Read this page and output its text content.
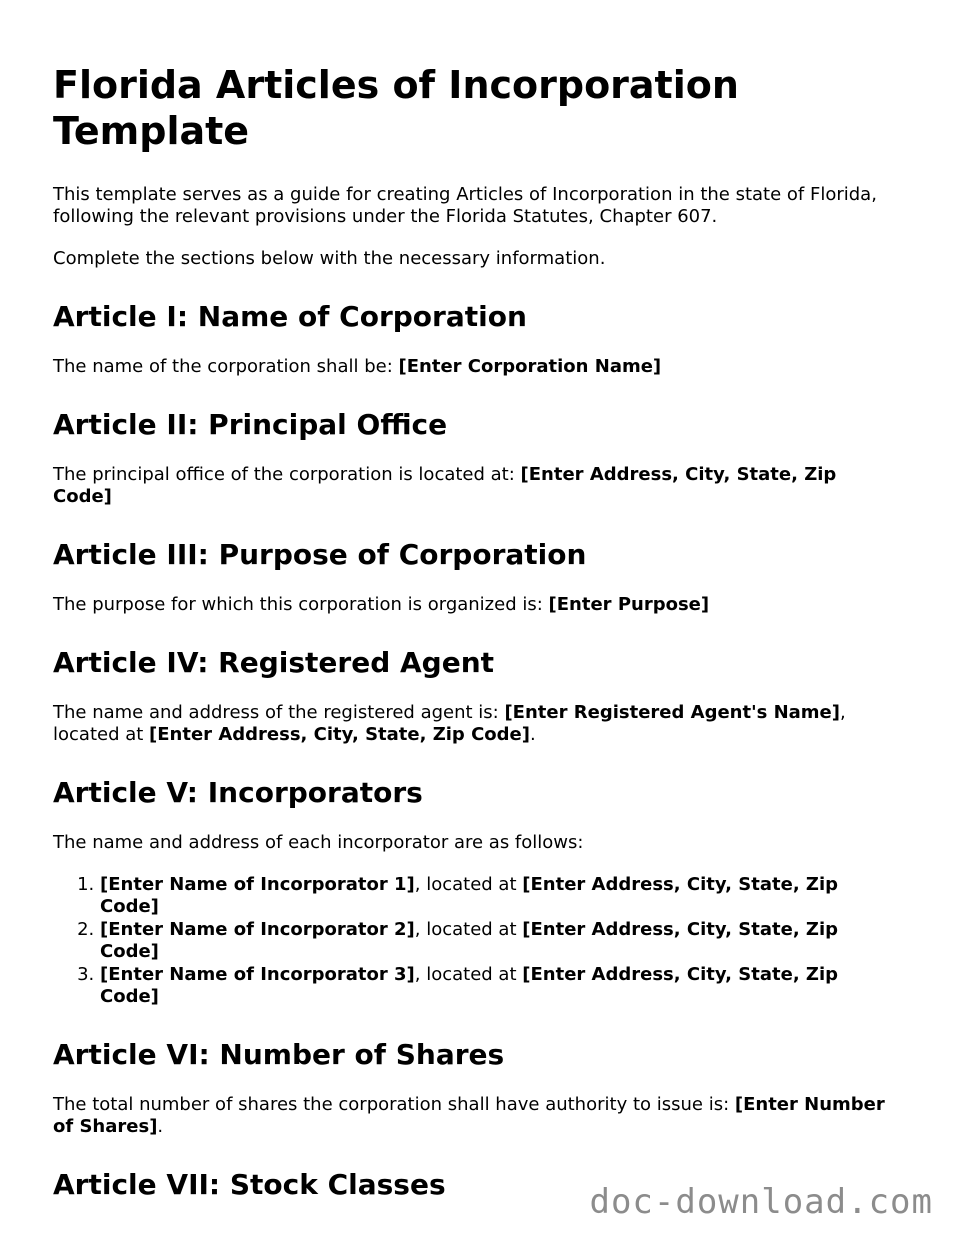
Florida Articles of Incorporation Template

This template serves as a guide for creating Articles of Incorporation in the state of Florida, following the relevant provisions under the Florida Statutes, Chapter 607.

Complete the sections below with the necessary information.

Article I: Name of Corporation

The name of the corporation shall be: [Enter Corporation Name]

Article II: Principal Office

The principal office of the corporation is located at: [Enter Address, City, State, Zip Code]

Article III: Purpose of Corporation

The purpose for which this corporation is organized is: [Enter Purpose]

Article IV: Registered Agent

The name and address of the registered agent is: [Enter Registered Agent's Name], located at [Enter Address, City, State, Zip Code].

Article V: Incorporators

The name and address of each incorporator are as follows:

1. [Enter Name of Incorporator 1], located at [Enter Address, City, State, Zip Code]
2. [Enter Name of Incorporator 2], located at [Enter Address, City, State, Zip Code]
3. [Enter Name of Incorporator 3], located at [Enter Address, City, State, Zip Code]
Article VI: Number of Shares

The total number of shares the corporation shall have authority to issue is: [Enter Number of Shares].

Article VII: Stock Classes	doc-download.com
